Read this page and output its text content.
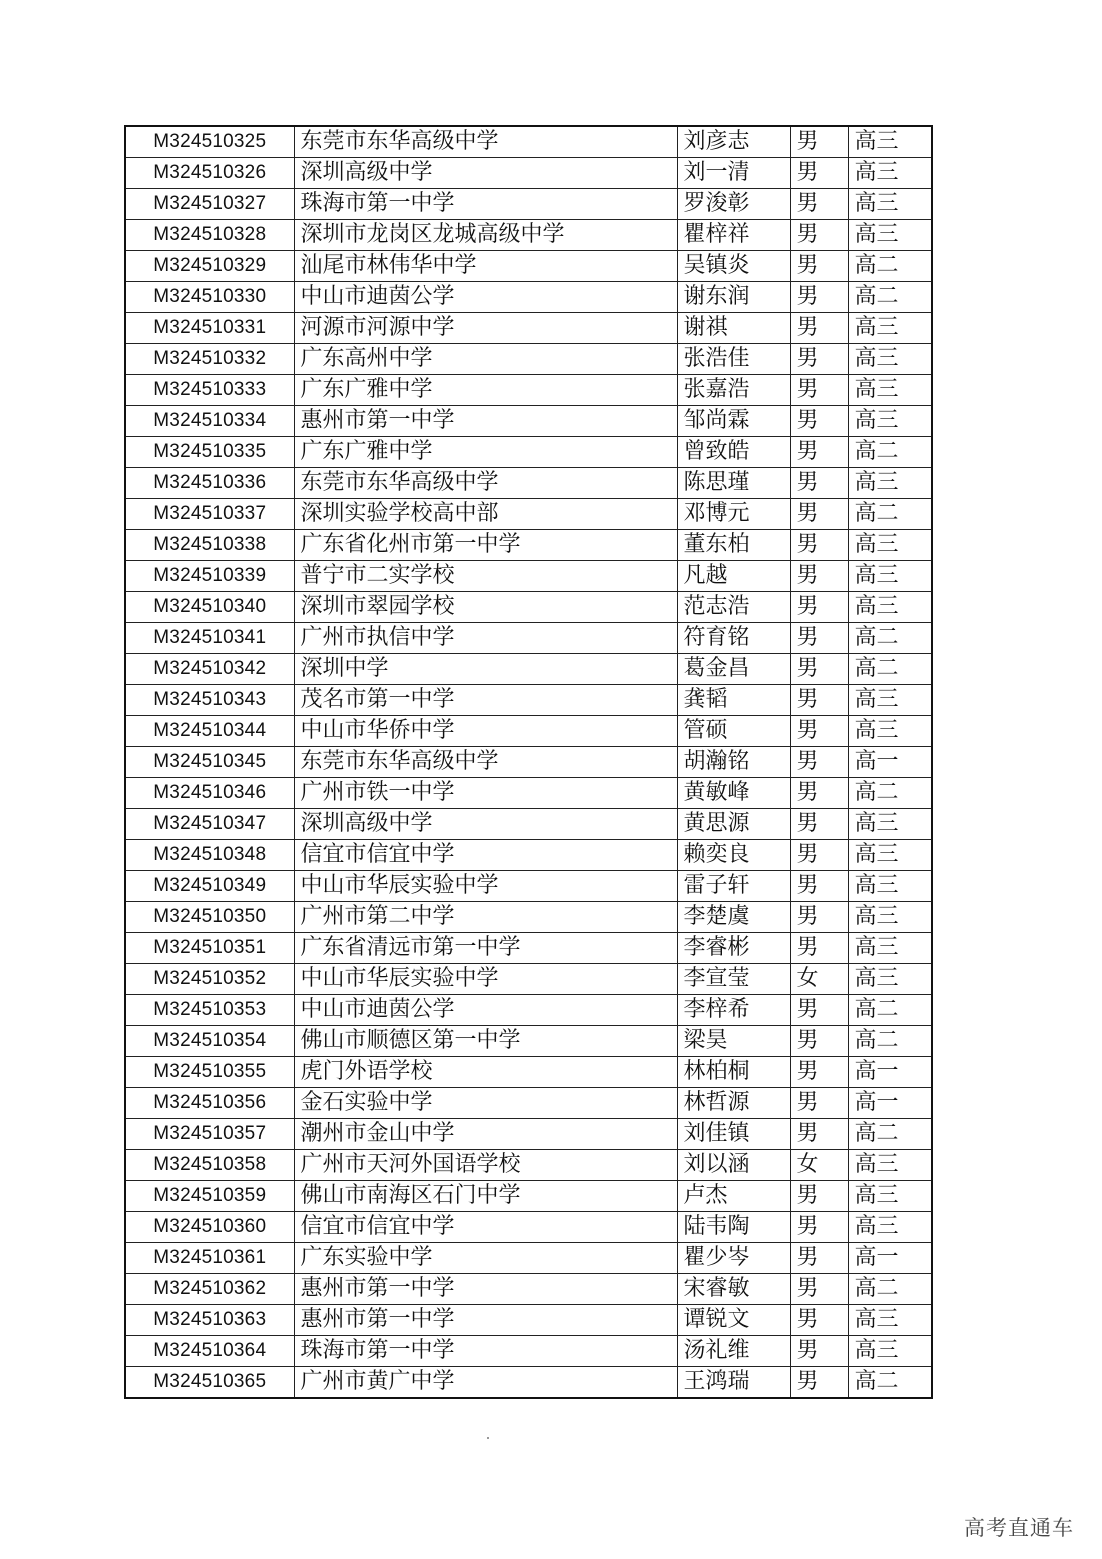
M324510325	东莞市东华高级中学	刘彦志	男	高三
M324510326	深圳高级中学	刘一清	男	高三
M324510327	珠海市第一中学	罗浚彰	男	高三
M324510328	深圳市龙岗区龙城高级中学	瞿梓祥	男	高三
M324510329	汕尾市林伟华中学	吴镇炎	男	高二
M324510330	中山市迪茵公学	谢东润	男	高二
M324510331	河源市河源中学	谢祺	男	高三
M324510332	广东高州中学	张浩佳	男	高三
M324510333	广东广雅中学	张嘉浩	男	高三
M324510334	惠州市第一中学	邹尚霖	男	高三
M324510335	广东广雅中学	曾致皓	男	高二
M324510336	东莞市东华高级中学	陈思瑾	男	高三
M324510337	深圳实验学校高中部	邓博元	男	高二
M324510338	广东省化州市第一中学	董东柏	男	高三
M324510339	普宁市二实学校	凡越	男	高三
M324510340	深圳市翠园学校	范志浩	男	高三
M324510341	广州市执信中学	符育铭	男	高二
M324510342	深圳中学	葛金昌	男	高二
M324510343	茂名市第一中学	龚韬	男	高三
M324510344	中山市华侨中学	管硕	男	高三
M324510345	东莞市东华高级中学	胡瀚铭	男	高一
M324510346	广州市铁一中学	黄敏峰	男	高二
M324510347	深圳高级中学	黄思源	男	高三
M324510348	信宜市信宜中学	赖奕良	男	高三
M324510349	中山市华辰实验中学	雷子轩	男	高三
M324510350	广州市第二中学	李楚虞	男	高三
M324510351	广东省清远市第一中学	李睿彬	男	高三
M324510352	中山市华辰实验中学	李宣莹	女	高三
M324510353	中山市迪茵公学	李梓希	男	高二
M324510354	佛山市顺德区第一中学	梁昊	男	高二
M324510355	虎门外语学校	林柏桐	男	高一
M324510356	金石实验中学	林哲源	男	高一
M324510357	潮州市金山中学	刘佳镇	男	高二
M324510358	广州市天河外国语学校	刘以涵	女	高三
M324510359	佛山市南海区石门中学	卢杰	男	高三
M324510360	信宜市信宜中学	陆韦陶	男	高三
M324510361	广东实验中学	瞿少岑	男	高一
M324510362	惠州市第一中学	宋睿敏	男	高二
M324510363	惠州市第一中学	谭锐文	男	高三
M324510364	珠海市第一中学	汤礼维	男	高三
M324510365	广州市黄广中学	王鸿瑞	男	高二
高考直通车
